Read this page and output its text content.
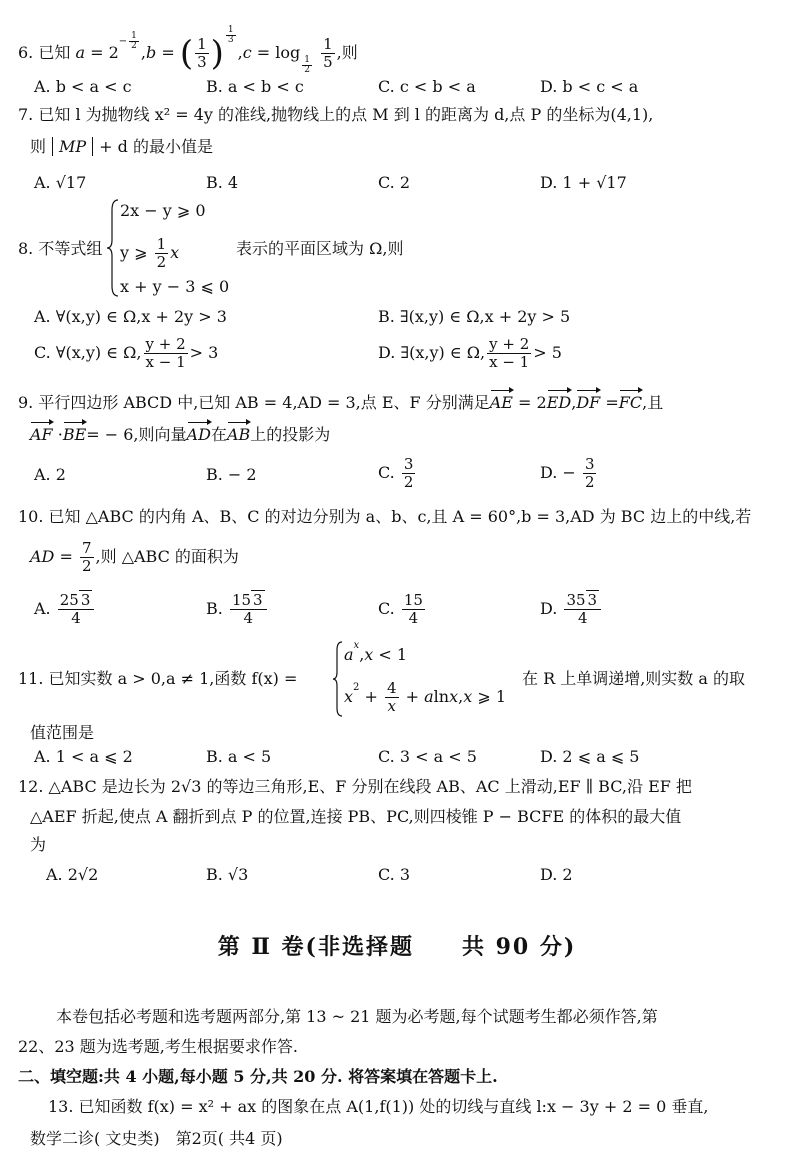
6. 已知 $a = 2^{- \frac{1}{2}}$
,b = ( $\frac{1}{3}$ ) $^{\frac{1}{3}}$
,c = log
$_{\frac{1}{2}}$
$\frac{1}{5}$ ,则
A. b < a < c	B. a < b < c	C. c < b < a	D. b < c < a
7. 已知 l 为抛物线 x² = 4y 的准线,抛物线上的点 M 到 l 的距离为 d,点 P 的坐标为(4,1),
则 MP + d 的最小值是
A. √17	B. 4	C. 2	D. 1 + √17
8. 不等式组
2x − y ⩾ 0
y ⩾ $\frac{1}{2}$ x
x + y − 3 ⩽ 0
表示的平面区域为 Ω,则
A. ∀(x,y) ∈ Ω,x + 2y > 3	B. ∃(x,y) ∈ Ω,x + 2y > 5
C. ∀(x,y) ∈ Ω, $\frac{y + 2}{x - 1} > 3$	D. ∃(x,y) ∈ Ω, $\frac{y + 2}{x - 1} > 5$
9. 平行四边形 ABCD 中,已知 AB = 4,AD = 3,点 E、F 分别满足AE = 2ED,DF =FC,且
AF ·BE= − 6,则向量AD在AB上的投影为
A. 2	B. − 2	C. $\frac{3}{2}$	D. − $\frac{3}{2}$
10. 已知 △ABC 的内角 A、B、C 的对边分别为 a、b、c,且 A = 60°,b = 3,AD 为 BC 边上的中线,若
AD = $\frac{7}{2}$ ,则 △ABC 的面积为
A. $\frac{25 3}{4}$	B. $\frac{15 3}{4}$	C. $\frac{15}{4}$	D. $\frac{35 3}{4}$
11. 已知实数 a > 0,a ≠ 1,函数 f(x) =
$a^x,x < 1$
$x^2 + \frac{4}{x} + alnx,x$ ⩾ 1
在 R 上单调递增,则实数 a 的取
值范围是
A. 1 < a ⩽ 2	B. a < 5	C. 3 < a < 5	D. 2 ⩽ a ⩽ 5
12. △ABC 是边长为 2√3 的等边三角形,E、F 分别在线段 AB、AC 上滑动,EF ∥ BC,沿 EF 把
△AEF 折起,使点 A 翻折到点 P 的位置,连接 PB、PC,则四棱锥 P − BCFE 的体积的最大值
为
A. 2√2	B. √3	C. 3	D. 2
第 Ⅱ 卷(非选择题　　共 90 分)
本卷包括必考题和选考题两部分,第 13 ~ 21 题为必考题,每个试题考生都必须作答,第
22、23 题为选考题,考生根据要求作答.
二、填空题:共 4 小题,每小题 5 分,共 20 分. 将答案填在答题卡上.
13. 已知函数 f(x) = x² + ax 的图象在点 A(1,f(1)) 处的切线与直线 l:x − 3y + 2 = 0 垂直,
数学二诊( 文史类)　第2页( 共4 页)
